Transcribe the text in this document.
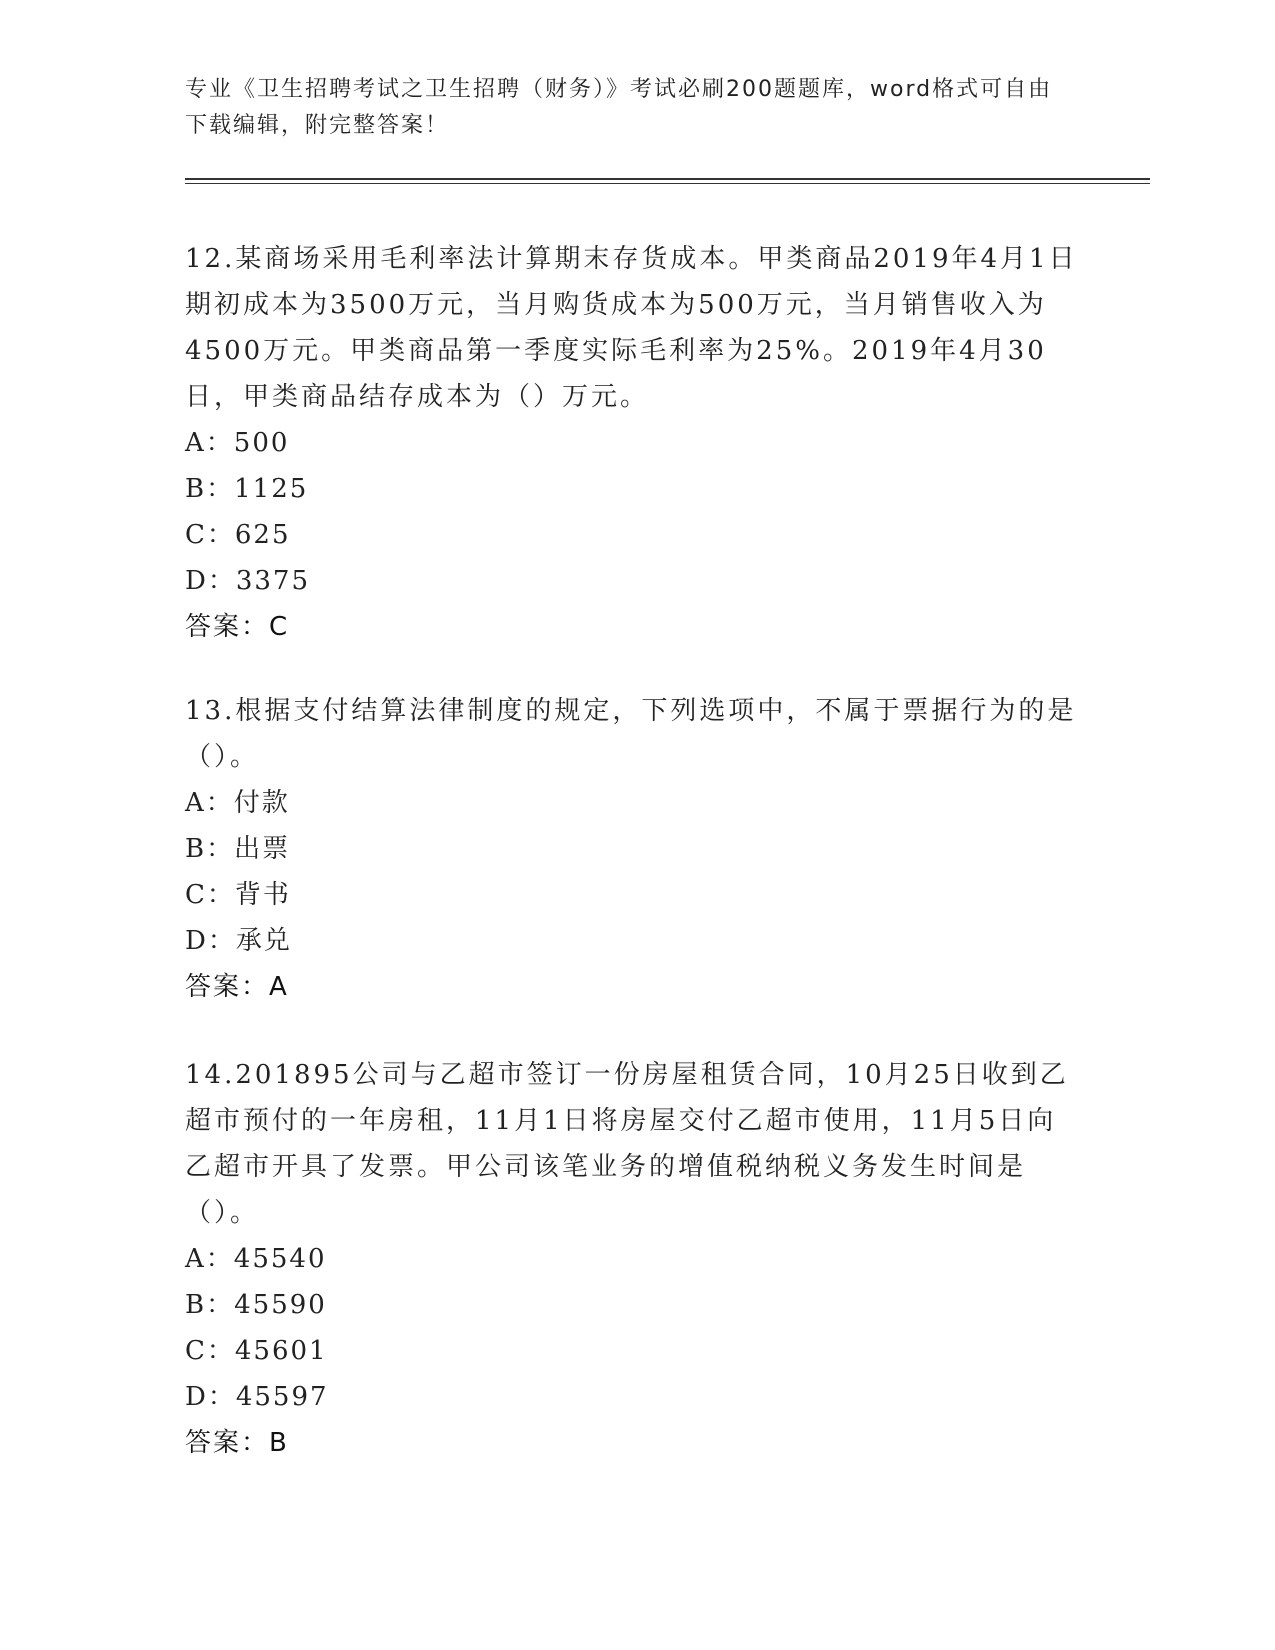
专业《卫生招聘考试之卫生招聘（财务）》考试必刷200题题库，word格式可自由下载编辑，附完整答案！

12.某商场采用毛利率法计算期末存货成本。甲类商品2019年4月1日期初成本为3500万元，当月购货成本为500万元，当月销售收入为4500万元。甲类商品第一季度实际毛利率为25%。2019年4月30日，甲类商品结存成本为（）万元。

A：500

B：1125

C：625

D：3375

答案：C

13.根据支付结算法律制度的规定，下列选项中，不属于票据行为的是（）。

A：付款

B：出票

C：背书

D：承兑

答案：A

14.201895公司与乙超市签订一份房屋租赁合同，10月25日收到乙超市预付的一年房租，11月1日将房屋交付乙超市使用，11月5日向乙超市开具了发票。甲公司该笔业务的增值税纳税义务发生时间是（）。

A：45540

B：45590

C：45601

D：45597

答案：B
